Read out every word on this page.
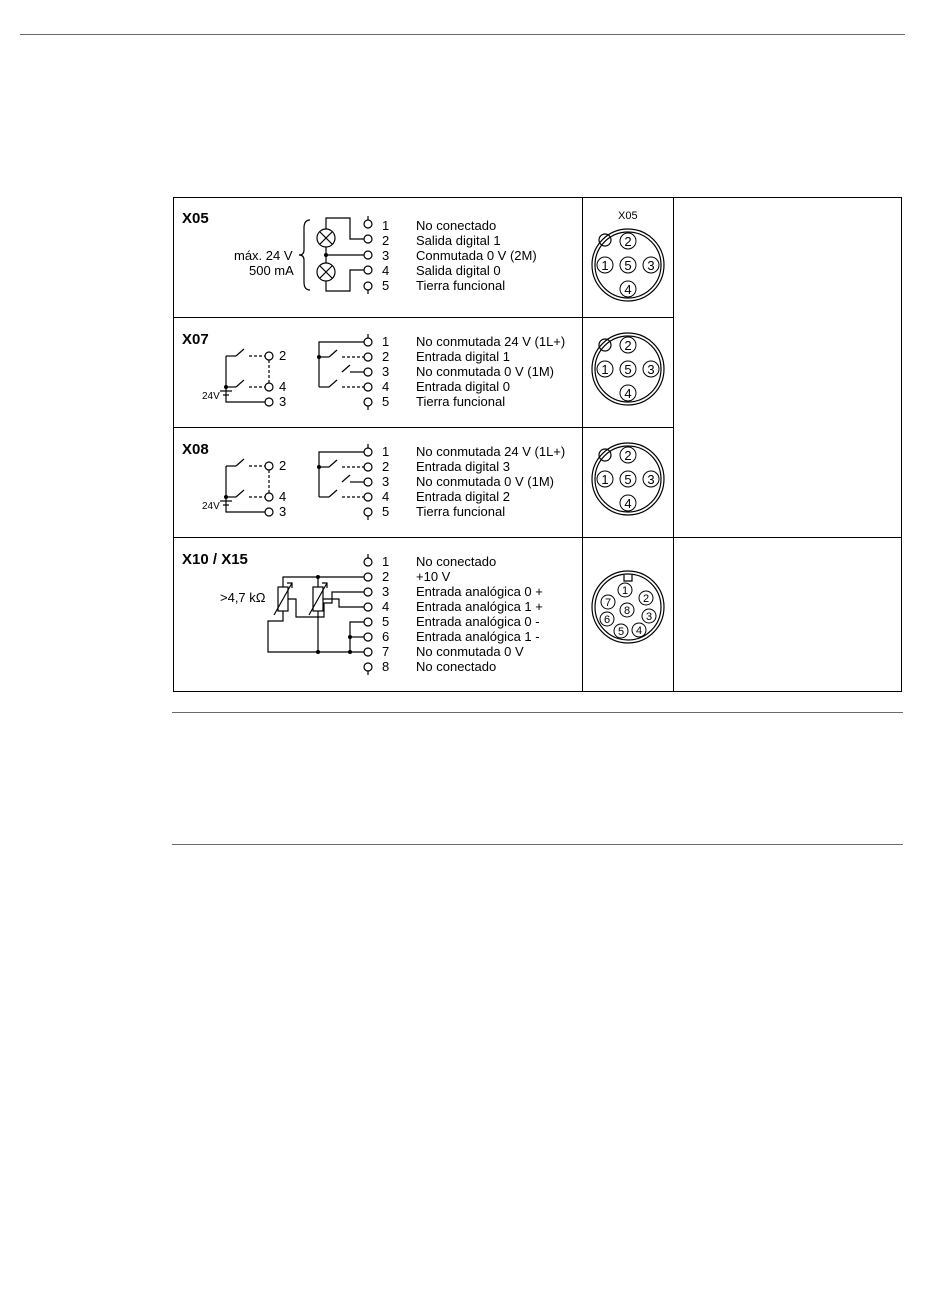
X05
máx. 24 V
500 mA
1	No conectado
2	Salida digital 1
3	Conmutada 0 V (2M)
4	Salida digital 0
5	Tierra funcional
X05
2
1 5 3
4
X07
24V
2
4
3
1	No conmutada 24 V (1L+)
2	Entrada digital 1
3	No conmutada 0 V (1M)
4	Entrada digital 0
5	Tierra funcional
2
1 5 3
4
X08
24V
2
4
3
1	No conmutada 24 V (1L+)
2	Entrada digital 3
3	No conmutada 0 V (1M)
4	Entrada digital 2
5	Tierra funcional
2
1 5 3
4
X10 / X15
>4,7 kΩ
1	No conectado
2	+10 V
3	Entrada analógica 0 +
4	Entrada analógica 1 +
5	Entrada analógica 0 -
6	Entrada analógica 1 -
7	No conmutada 0 V
8	No conectado
1
2
7
8 3
6
5 4
